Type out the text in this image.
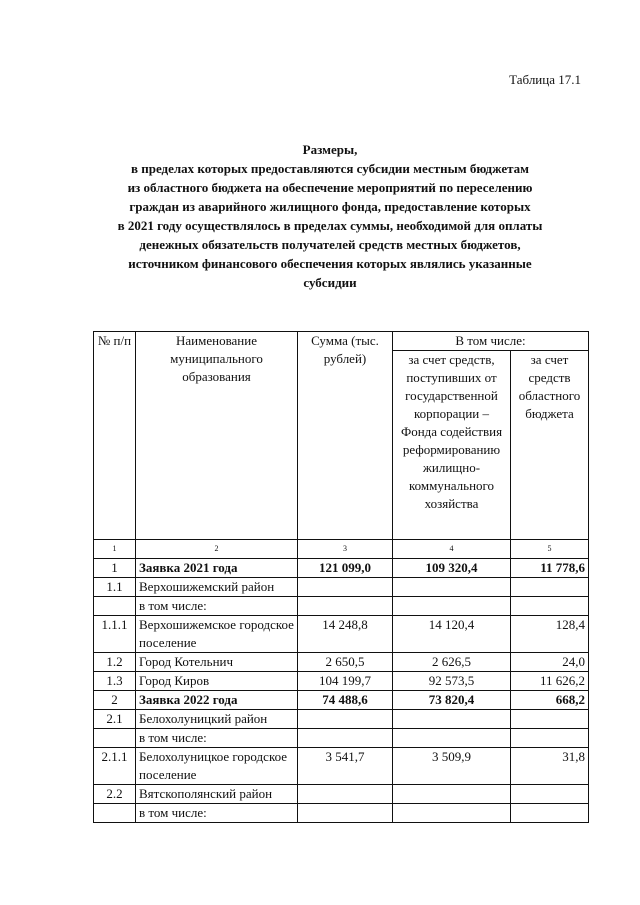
Таблица 17.1
Размеры,
в пределах которых предоставляются субсидии местным бюджетам
из областного бюджета на обеспечение мероприятий по переселению
граждан из аварийного жилищного фонда, предоставление которых
в 2021 году осуществлялось в пределах суммы, необходимой для оплаты
денежных обязательств получателей средств местных бюджетов,
источником финансового обеспечения которых являлись указанные
субсидии
№ п/п	Наименование муниципального образования	Сумма (тыс. рублей)	В том числе:	
			за счет средств, поступивших от государственной корпорации – Фонда содействия реформированию жилищно-коммунального хозяйства	за счет средств областного бюджета
1	2	3	4	5
1	Заявка 2021 года	121 099,0	109 320,4	11 778,6
1.1	Верхошижемский район			
	в том числе:			
1.1.1	Верхошижемское городское поселение	14 248,8	14 120,4	128,4
1.2	Город Котельнич	2 650,5	2 626,5	24,0
1.3	Город Киров	104 199,7	92 573,5	11 626,2
2	Заявка 2022 года	74 488,6	73 820,4	668,2
2.1	Белохолуницкий район			
	в том числе:			
2.1.1	Белохолуницкое городское поселение	3 541,7	3 509,9	31,8
2.2	Вятскополянский район			
	в том числе:			
